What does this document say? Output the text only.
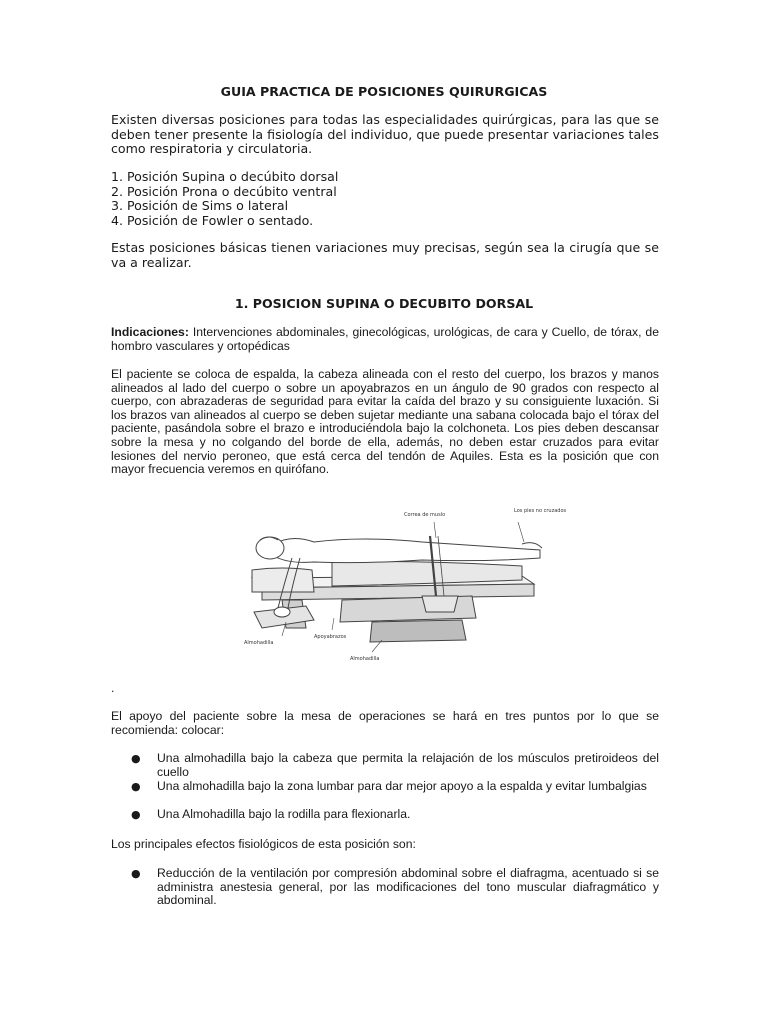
GUIA PRACTICA DE POSICIONES QUIRURGICAS

Existen diversas posiciones para todas las especialidades quirúrgicas, para las que se deben tener presente la fisiología del individuo, que puede presentar variaciones tales como respiratoria y circulatoria.

1. Posición Supina o decúbito dorsal
2. Posición Prona o decúbito ventral
3. Posición de Sims o lateral
4. Posición de Fowler o sentado.

Estas posiciones básicas tienen variaciones muy precisas, según sea la cirugía que se va a realizar.

1. POSICION SUPINA O DECUBITO DORSAL

Indicaciones: Intervenciones abdominales, ginecológicas, urológicas, de cara y Cuello, de tórax, de hombro vasculares y ortopédicas

El paciente se coloca de espalda, la cabeza alineada con el resto del cuerpo, los brazos y manos alineados al lado del cuerpo o sobre un apoyabrazos en un ángulo de 90 grados con respecto al cuerpo, con abrazaderas de seguridad para evitar la caída del brazo y su consiguiente luxación. Si los brazos van alineados al cuerpo se deben sujetar mediante una sabana colocada bajo el tórax del paciente, pasándola sobre el brazo e introduciéndola bajo la colchoneta. Los pies deben descansar sobre la mesa y no colgando del borde de ella, además, no deben estar cruzados para evitar lesiones del nervio peroneo, que está cerca del tendón de Aquiles. Esta es la posición que con mayor frecuencia veremos en quirófano.

Correa de muslo
Los pies no cruzados
Almohadilla
Apoyabrazos
Almohadilla
.

El apoyo del paciente sobre la mesa de operaciones se hará en tres puntos por lo que se recomienda: colocar:

● Una almohadilla bajo la cabeza que permita la relajación de los músculos pretiroideos del cuello

● Una almohadilla bajo la zona lumbar para dar mejor apoyo a la espalda y evitar lumbalgias

● Una Almohadilla bajo la rodilla para flexionarla.

Los principales efectos fisiológicos de esta posición son:

● Reducción de la ventilación por compresión abdominal sobre el diafragma, acentuado si se administra anestesia general, por las modificaciones del tono muscular diafragmático y abdominal.
